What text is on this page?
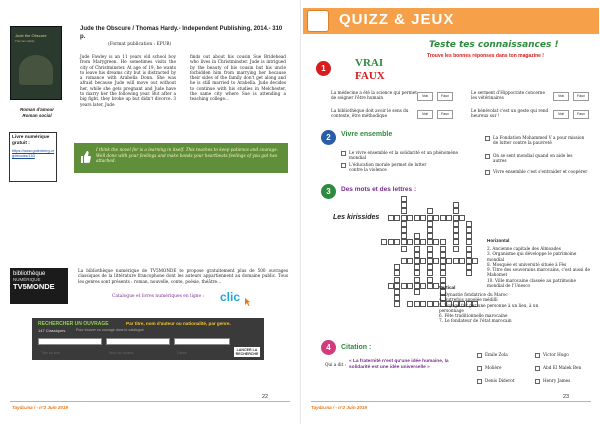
Jude the Obscure
Thomas Hardy
Roman d'amour
Roman social
Livre numérique gratuit :
https://www.gutenberg.org/ebooks/153
Jude the Obscure / Thomas Hardy.- Independent Publishing, 2014.- 310 p.
(Format publication : EPUB)
Jude Fawley is an 11 years old school boy from Marygreen. He sometimes visits the city of Christminster. At age of 19, he wants to leave his dreams city but is distracted by a romance with Arabella Donn. She was afraid because Jude will move out without her, while she gets pregnant and Jude have to marry her the following year. But after a big fight, they broke up but didn't divorce. 3 years later, Jude
finds out about his cousin Sue Bridehead who lives in Christminster. Jude is intrigued by the beauty of his cousin but his uncle forbidden him from marrying her because their sides of the family don't get along and he is still married to Arabella. Jude decides to continue with his studies in Melchester, the same city where Sue is attending a teaching college…
I think the novel for is a learning in itself. This teaches to keep patience and courage. Well done with your feelings and make bonds your heartbeats feelings of you got two attached.
bibliothèque
NUMÉRIQUE
TV5MONDE
La bibliothèque numérique de TV5MONDE te propose gratuitement plus de 500 ouvrages classiques de la littérature francophone dont les auteurs appartiennent au domaine public. Tous les genres sont présents : roman, nouvelle, conte, poésie, théâtre…
Catalogue et livres numériques en ligne : clic
RECHERCHER UN OUVRAGE	Par titre, nom d'auteur ou nationalité, par genre.
147 Classiques	Pour trouver un ouvrage dans le catalogue
Titre du livre	Nom de l'auteur	Genre
LANCER LA RECHERCHE
Tayda.ma / - n°2 Juin 2019
22
QUIZZ & JEUX
Teste tes connaissances !
Trouve les bonnes réponses dans ton magazine !
1	VRAI
FAUX
La médecine a été la science qui permet de soigner l'être humain
La bibliothèque doit avoir le sens du contexte, être méthodique
Le serment d'Hippocrate concerne les vétérinaires
Le bénévolat c'est un geste qui rend heureux sur !
Vrai	Faux
Vrai	Faux
Vrai	Faux
Vrai	Faux
2	Vivre ensemble
Le vivre ensemble et la solidarité et un phénomène mondial
L'éducation morale permet de lutter contre la violence
La Fondation Mohammed V a pour mission de lutter contre la pauvreté
On se sent mondial quand on aide les autres
Vivre ensemble c'est s'entraider et coopérer
3	Des mots et des lettres :
Les kirissides
Horizontal
2. Ancienne capitale des Almoades
3. Organisme qui développe le patrimoine mondial
8. Mosquée et université située à Fès
9. Titre des souverains marocains, c'est aussi de Mahomet
10. Ville marocaine classée au patrimoine mondial de l'Unesco
Vertical
1. Dynastie fondatrice du Maroc
4. Autrefois appelée médilli
5. Voyage fait par une personne à un lieu, à un personnage
6. Fête traditionnelle marocaine
7. Le fondateur de l'état marocain
4	Citation :
Qui a dit :
« La fraternité n'est qu'une idée humaine, la solidarité est une idée universelle »
Émile Zola	Victor Hugo
Molière	Abd El Malek Ben
Denis Diderot	Henry James
Tayda.ma / - n°2 Juin 2019
23
